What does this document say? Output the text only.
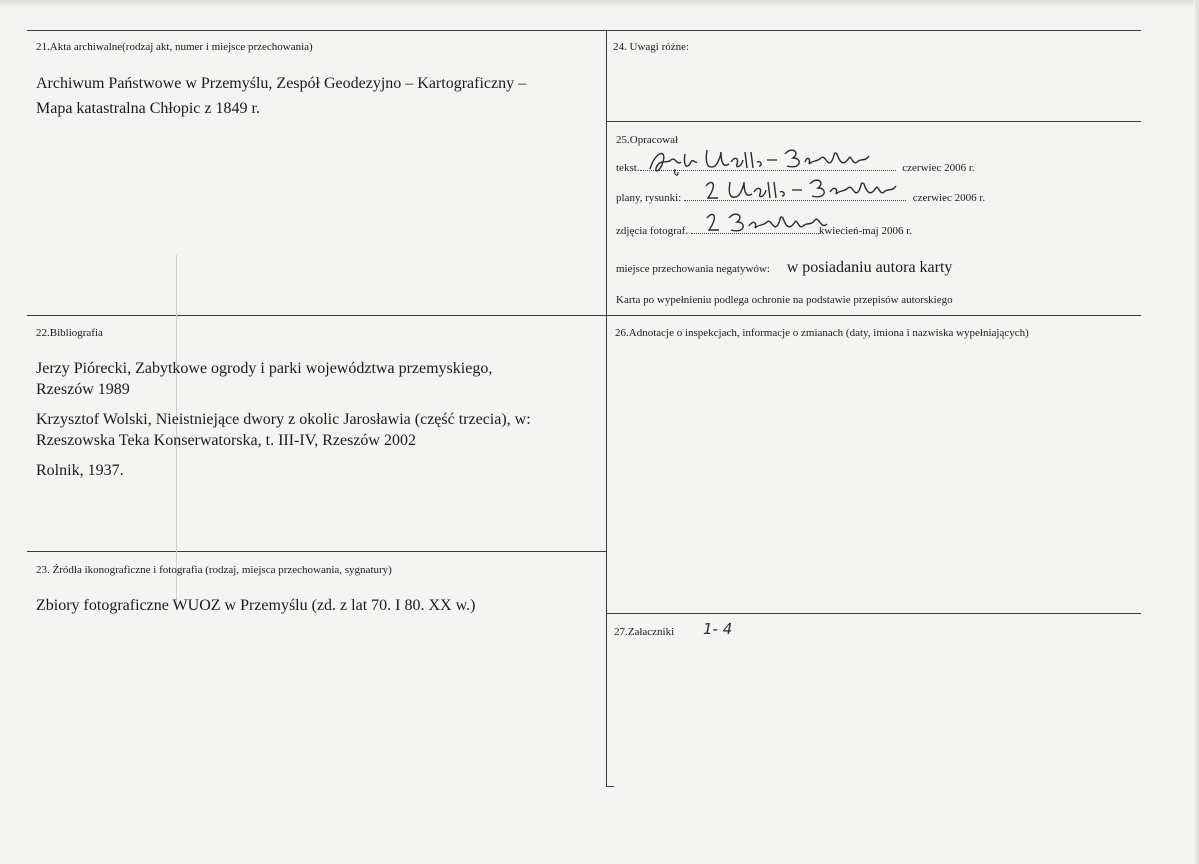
21.Akta archiwalne(rodzaj akt, numer i miejsce przechowania)
Archiwum Państwowe w Przemyślu, Zespół Geodezyjno – Kartograficzny –
Mapa katastralna Chłopic z 1849 r.
24. Uwagi różne:
25.Opracował
tekst.	czerwiec 2006 r.
plany, rysunki:	czerwiec 2006 r.
zdjęcia fotograf.	kwiecień-maj 2006 r.
miejsce przechowania negatywów: w posiadaniu autora karty
Karta po wypełnieniu podlega ochronie na podstawie przepisów autorskiego
22.Bibliografia
Jerzy Piórecki, Zabytkowe ogrody i parki województwa przemyskiego,
Rzeszów 1989
Krzysztof Wolski, Nieistniejące dwory z okolic Jarosławia (część trzecia), w:
Rzeszowska Teka Konserwatorska, t. III-IV, Rzeszów 2002
Rolnik, 1937.
26.Adnotacje o inspekcjach, informacje o zmianach (daty, imiona i nazwiska wypełniających)
23. Źródła ikonograficzne i fotografia (rodzaj, miejsca przechowania, sygnatury)
Zbiory fotograficzne WUOZ w Przemyślu (zd. z lat 70. I 80. XX w.)
27.Załaczniki 1- 4
